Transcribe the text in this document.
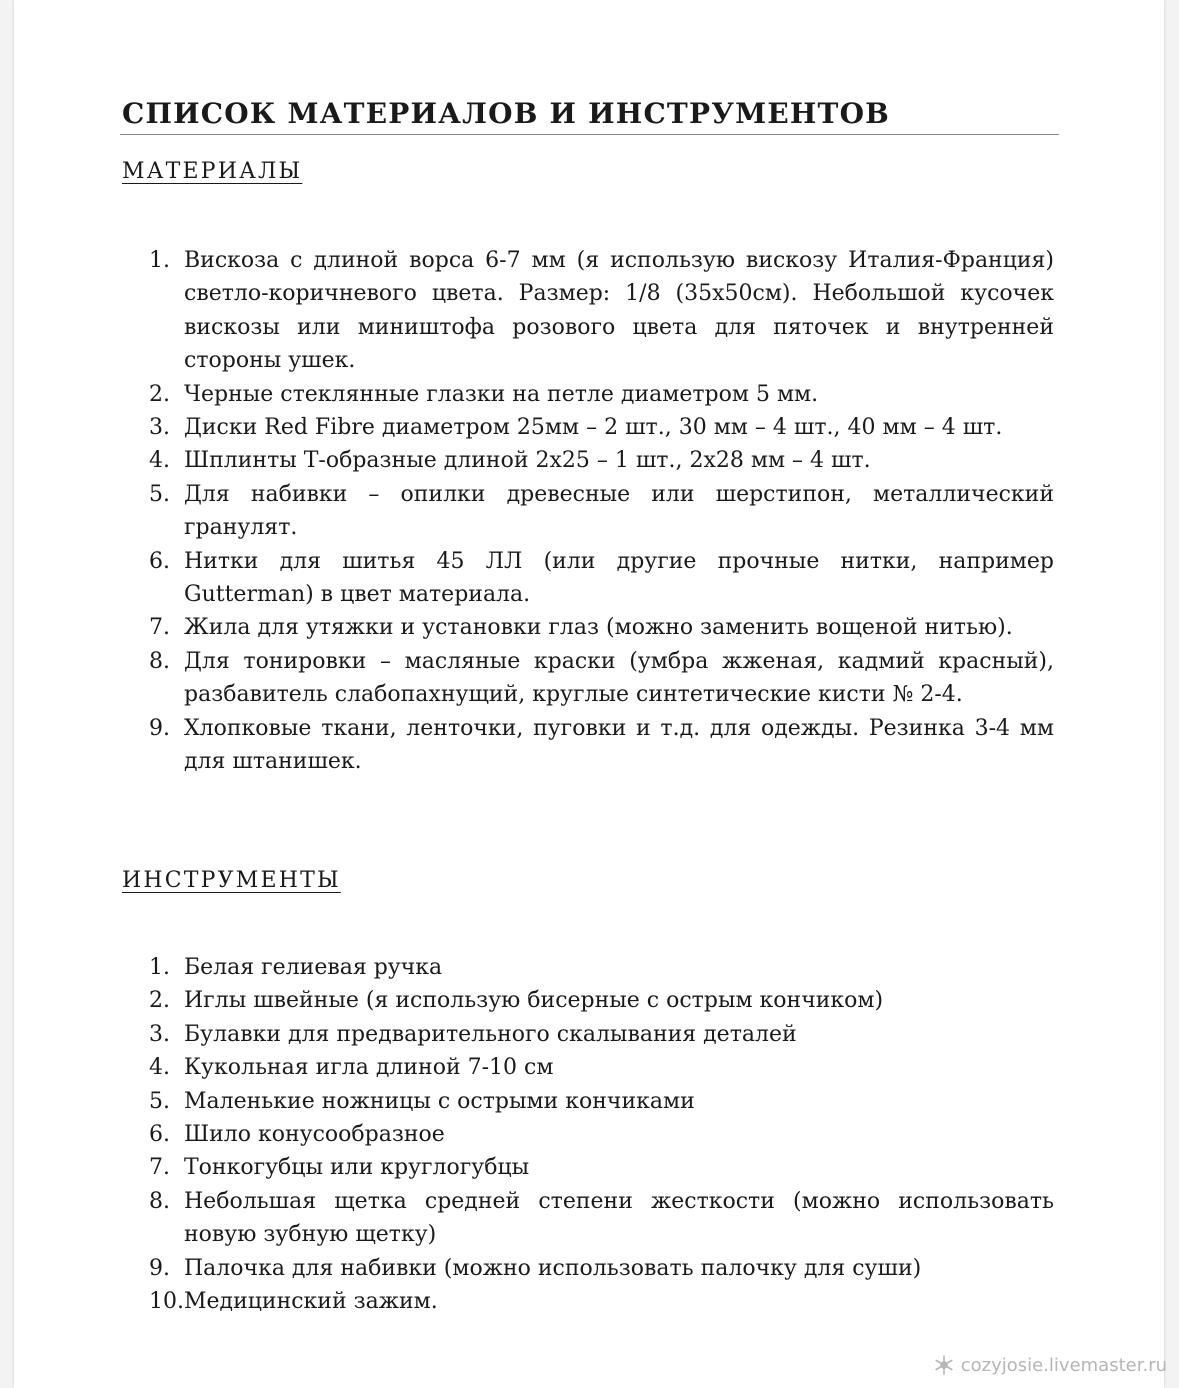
СПИСОК МАТЕРИАЛОВ И ИНСТРУМЕНТОВ
МАТЕРИАЛЫ
1. Вискоза с длиной ворса 6-7 мм (я использую вискозу Италия-Франция) светло-коричневого цвета. Размер: 1/8 (35х50см). Небольшой кусочек вискозы или миништофа розового цвета для пяточек и внутренней стороны ушек.
2. Черные стеклянные глазки на петле диаметром 5 мм.
3. Диски Red Fibre диаметром 25мм – 2 шт., 30 мм – 4 шт., 40 мм – 4 шт.
4. Шплинты Т-образные длиной 2х25 – 1 шт., 2х28 мм – 4 шт.
5. Для набивки – опилки древесные или шерстипон, металлический гранулят.
6. Нитки для шитья 45 ЛЛ (или другие прочные нитки, например Gutterman) в цвет материала.
7. Жила для утяжки и установки глаз (можно заменить вощеной нитью).
8. Для тонировки – масляные краски (умбра жженая, кадмий красный), разбавитель слабопахнущий, круглые синтетические кисти № 2-4.
9. Хлопковые ткани, ленточки, пуговки и т.д. для одежды. Резинка 3-4 мм для штанишек.
ИНСТРУМЕНТЫ
1. Белая гелиевая ручка
2. Иглы швейные (я использую бисерные с острым кончиком)
3. Булавки для предварительного скалывания деталей
4. Кукольная игла длиной 7-10 см
5. Маленькие ножницы с острыми кончиками
6. Шило конусообразное
7. Тонкогубцы или круглогубцы
8. Небольшая щетка средней степени жесткости (можно использовать новую зубную щетку)
9. Палочка для набивки (можно использовать палочку для суши)
10. Медицинский зажим.
cozyjosie.livemaster.ru
